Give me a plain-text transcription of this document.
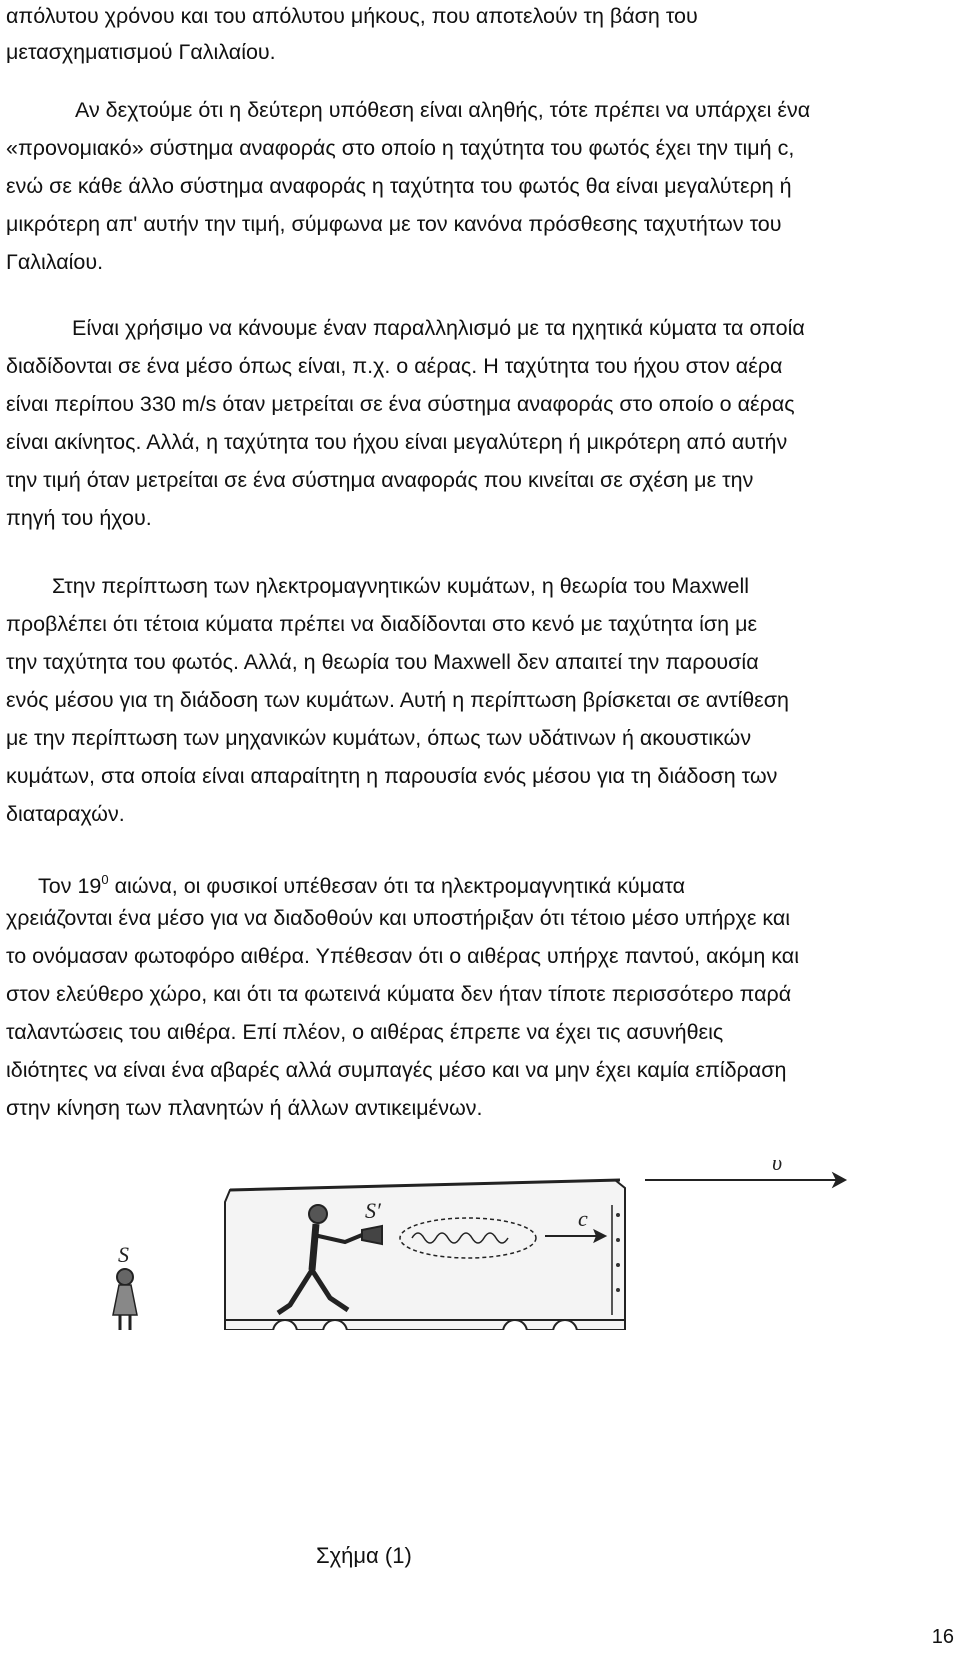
απόλυτου χρόνου και του απόλυτου μήκους, που αποτελούν τη βάση του
μετασχηματισμού Γαλιλαίου.
Αν δεχτούμε ότι η δεύτερη υπόθεση είναι αληθής, τότε πρέπει να υπάρχει ένα
«προνομιακό» σύστημα αναφοράς στο οποίο η ταχύτητα του φωτός έχει την τιμή c,
ενώ σε κάθε άλλο σύστημα αναφοράς η ταχύτητα του φωτός θα είναι μεγαλύτερη ή
μικρότερη απ' αυτήν την τιμή, σύμφωνα με τον κανόνα πρόσθεσης ταχυτήτων του
Γαλιλαίου.
Είναι χρήσιμο να κάνουμε έναν παραλληλισμό με τα ηχητικά κύματα τα οποία
διαδίδονται σε ένα μέσο όπως είναι, π.χ. ο αέρας. Η ταχύτητα του ήχου στον αέρα
είναι περίπου 330 m/s όταν μετρείται σε ένα σύστημα αναφοράς στο οποίο ο αέρας
είναι ακίνητος. Αλλά, η ταχύτητα του ήχου είναι μεγαλύτερη ή μικρότερη από αυτήν
την τιμή όταν μετρείται σε ένα σύστημα αναφοράς που κινείται σε σχέση με την
πηγή του ήχου.
Στην περίπτωση των ηλεκτρομαγνητικών κυμάτων, η θεωρία του Maxwell
προβλέπει ότι τέτοια κύματα πρέπει να διαδίδονται στο κενό με ταχύτητα ίση με
την ταχύτητα του φωτός. Αλλά, η θεωρία του Maxwell δεν απαιτεί την παρουσία
ενός μέσου για τη διάδοση των κυμάτων. Αυτή η περίπτωση βρίσκεται σε αντίθεση
με την περίπτωση των μηχανικών κυμάτων, όπως των υδάτινων ή ακουστικών
κυμάτων, στα οποία είναι απαραίτητη η παρουσία ενός μέσου για τη διάδοση των
διαταραχών.
Τον $19^0$ αιώνα, οι φυσικοί υπέθεσαν ότι τα ηλεκτρομαγνητικά κύματα
χρειάζονται ένα μέσο για να διαδοθούν και υποστήριξαν ότι τέτοιο μέσο υπήρχε και
το ονόμασαν φωτοφόρο αιθέρα. Υπέθεσαν ότι ο αιθέρας υπήρχε παντού, ακόμη και
στον ελεύθερο χώρο, και ότι τα φωτεινά κύματα δεν ήταν τίποτε περισσότερο παρά
ταλαντώσεις του αιθέρα. Επί πλέον, ο αιθέρας έπρεπε να έχει τις ασυνήθεις
ιδιότητες να είναι ένα αβαρές αλλά συμπαγές μέσο και να μην έχει καμία επίδραση
στην κίνηση των πλανητών ή άλλων αντικειμένων.
S
S′	c
υ
Σχήμα (1)
16
